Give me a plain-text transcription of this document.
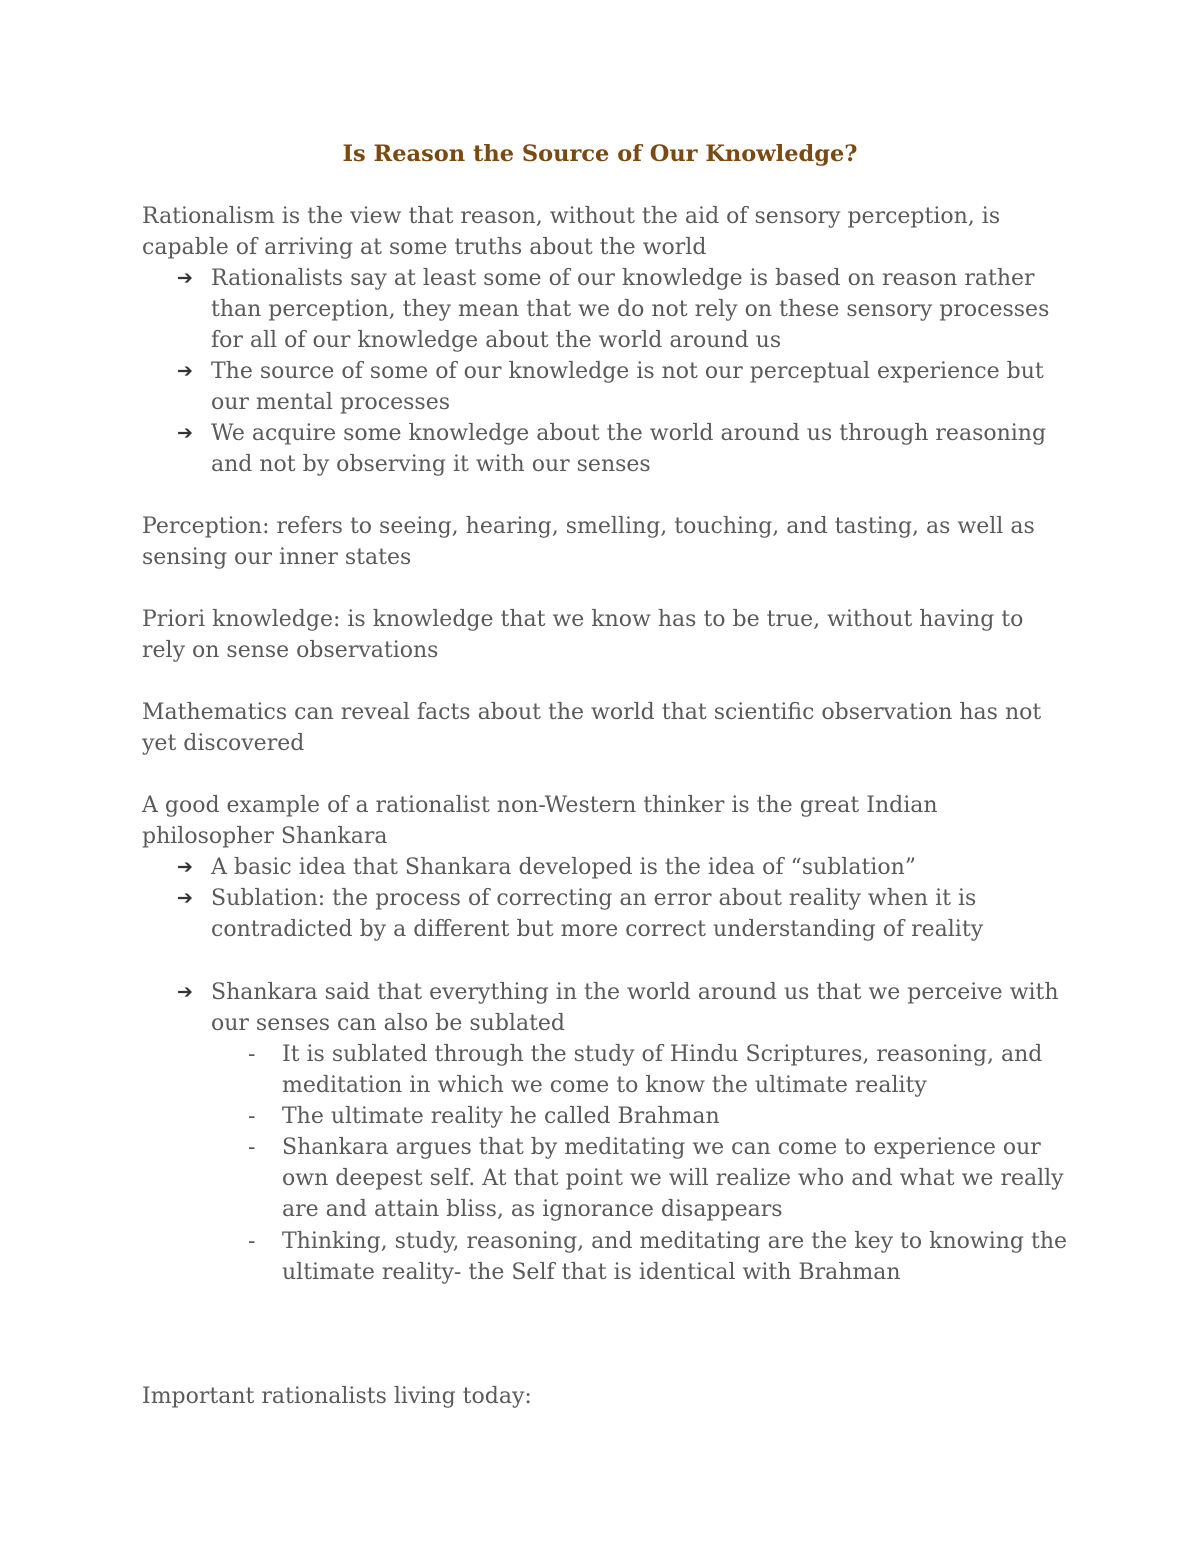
Is Reason the Source of Our Knowledge?
Rationalism is the view that reason, without the aid of sensory perception, is capable of arriving at some truths about the world
➔ Rationalists say at least some of our knowledge is based on reason rather than perception, they mean that we do not rely on these sensory processes for all of our knowledge about the world around us
➔ The source of some of our knowledge is not our perceptual experience but our mental processes
➔ We acquire some knowledge about the world around us through reasoning and not by observing it with our senses
Perception: refers to seeing, hearing, smelling, touching, and tasting, as well as sensing our inner states
Priori knowledge: is knowledge that we know has to be true, without having to rely on sense observations
Mathematics can reveal facts about the world that scientific observation has not yet discovered
A good example of a rationalist non-Western thinker is the great Indian philosopher Shankara
➔ A basic idea that Shankara developed is the idea of “sublation”
➔ Sublation: the process of correcting an error about reality when it is contradicted by a different but more correct understanding of reality
➔ Shankara said that everything in the world around us that we perceive with our senses can also be sublated
- It is sublated through the study of Hindu Scriptures, reasoning, and meditation in which we come to know the ultimate reality
- The ultimate reality he called Brahman
- Shankara argues that by meditating we can come to experience our own deepest self. At that point we will realize who and what we really are and attain bliss, as ignorance disappears
- Thinking, study, reasoning, and meditating are the key to knowing the ultimate reality- the Self that is identical with Brahman
Important rationalists living today:
